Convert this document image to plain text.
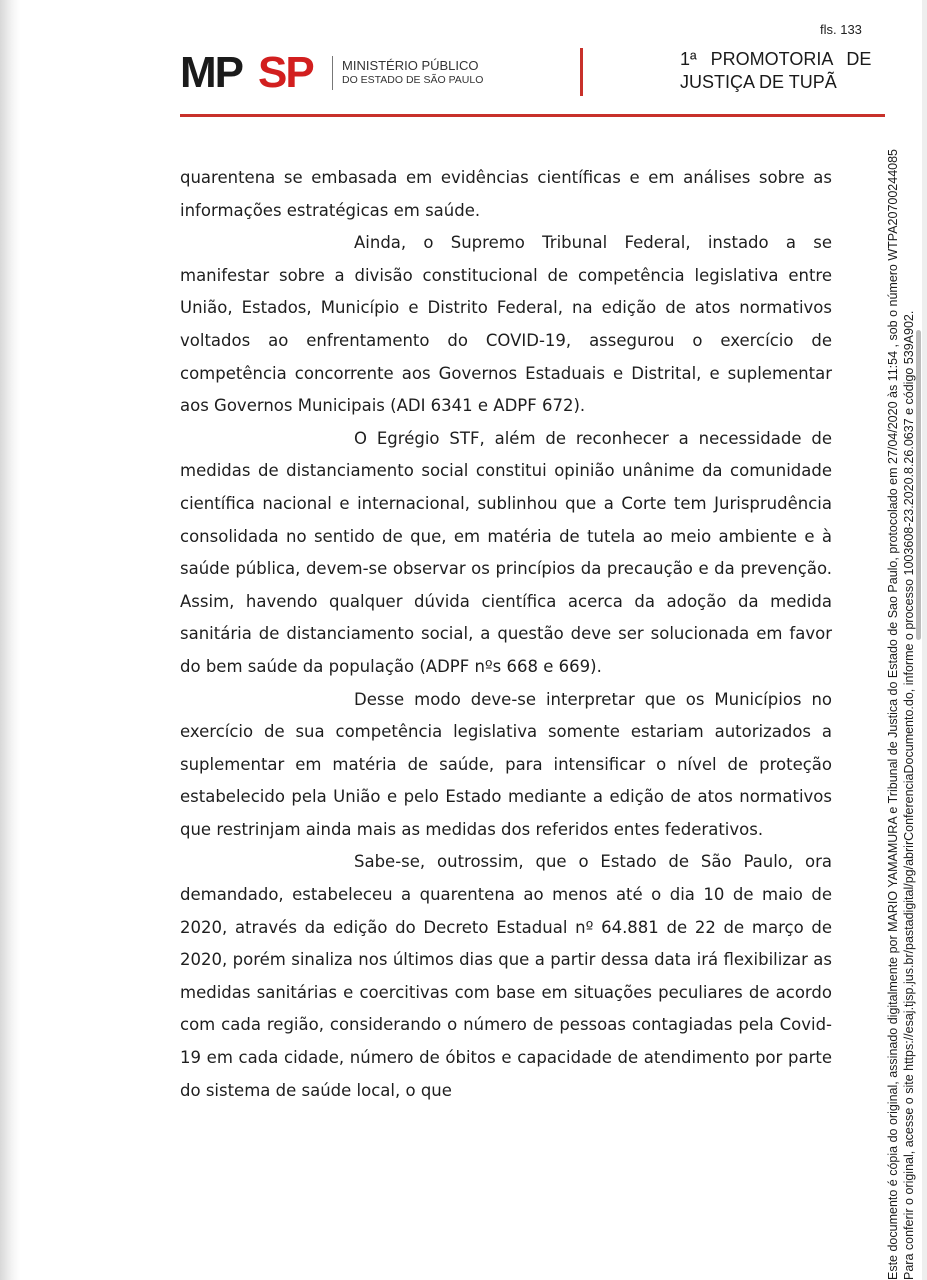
fls. 133
MP SP MINISTÉRIO PÚBLICO
DO ESTADO DE SÃO PAULO
1ª PROMOTORIA DE
JUSTIÇA DE TUPÃ

quarentena se embasada em evidências científicas e em análises sobre as informações estratégicas em saúde.

Ainda, o Supremo Tribunal Federal, instado a se manifestar sobre a divisão constitucional de competência legislativa entre União, Estados, Município e Distrito Federal, na edição de atos normativos voltados ao enfrentamento do COVID-19, assegurou o exercício de competência concorrente aos Governos Estaduais e Distrital, e suplementar aos Governos Municipais (ADI 6341 e ADPF 672).

O Egrégio STF, além de reconhecer a necessidade de medidas de distanciamento social constitui opinião unânime da comunidade científica nacional e internacional, sublinhou que a Corte tem Jurisprudência consolidada no sentido de que, em matéria de tutela ao meio ambiente e à saúde pública, devem-se observar os princípios da precaução e da prevenção. Assim, havendo qualquer dúvida científica acerca da adoção da medida sanitária de distanciamento social, a questão deve ser solucionada em favor do bem saúde da população (ADPF nºs 668 e 669).

Desse modo deve-se interpretar que os Municípios no exercício de sua competência legislativa somente estariam autorizados a suplementar em matéria de saúde, para intensificar o nível de proteção estabelecido pela União e pelo Estado mediante a edição de atos normativos que restrinjam ainda mais as medidas dos referidos entes federativos.

Sabe-se, outrossim, que o Estado de São Paulo, ora demandado, estabeleceu a quarentena ao menos até o dia 10 de maio de 2020, através da edição do Decreto Estadual nº 64.881 de 22 de março de 2020, porém sinaliza nos últimos dias que a partir dessa data irá flexibilizar as medidas sanitárias e coercitivas com base em situações peculiares de acordo com cada região, considerando o número de pessoas contagiadas pela Covid-19 em cada cidade, número de óbitos e capacidade de atendimento por parte do sistema de saúde local, o que	Este documento é cópia do original, assinado digitalmente por MARIO YAMAMURA e Tribunal de Justica do Estado de Sao Paulo, protocolado em 27/04/2020 às 11:54 , sob o número WTPA20700244085 Para conferir o original, acesse o site https://esaj.tjsp.jus.br/pastadigital/pg/abrirConferenciaDocumento.do, informe o processo 1003608-23.2020.8.26.0637 e código 539A902.
